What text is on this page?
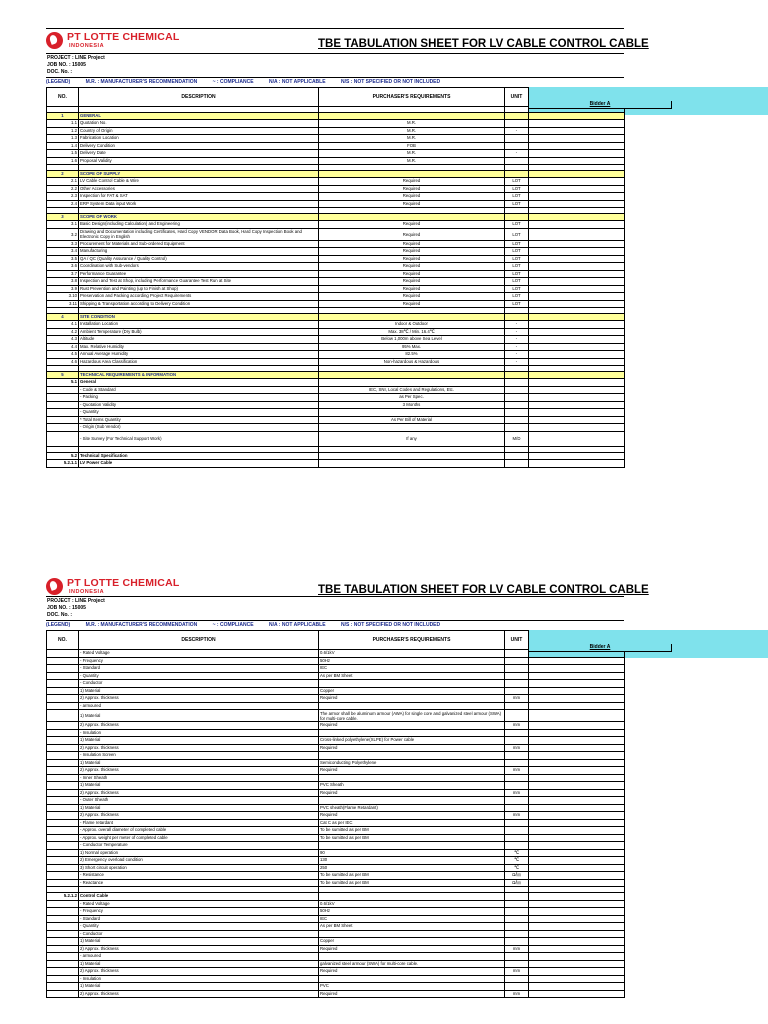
PT LOTTE CHEMICAL
INDONESIA	TBE TABULATION SHEET FOR LV CABLE CONTROL CABLE
PROJECT : LINE Project
JOB NO. : 15005
DOC. No. :
(LEGEND)	M.R. : MANUFACTURER'S RECOMMENDATION	~ : COMPLIANCE	N/A : NOT APPLICABLE	N/S : NOT SPECIFIED OR NOT INCLUDED
NO.	DESCRIPTION	PURCHASER'S REQUIREMENTS	UNIT	

1	GENERAL			
1.1	Quotation No.	M.R.		
1.2	Country of Origin	M.R.	-	
1.3	Fabrication Location	M.R.		
1.4	Delivery Condition	FOB		
1.5	Delivery Date	M.R.	-	
1.6	Proposal Validity	M.R.		

2	SCOPE OF SUPPLY			
2.1	LV Cable Control Cable & Wire	Required	LOT	
2.2	Other Accessories	Required	LOT	
2.3	Inspection for FAT & SAT	Required	LOT	
2.4	ERP System Data input Work	Required	LOT	

3	SCOPE OF WORK			
3.1	Basic Design(including Calculation) and Engineering	Required	LOT	
3.2	Drawing and Documentation including Certificates, Hard Copy VENDOR Data Book, Hard Copy Inspection Book and Electronic Copy in English	Required	LOT	
3.3	Procurement for Materials and Sub-ordered Equipment	Required	LOT	
3.4	Manufacturing	Required	LOT	
3.5	QA / QC (Quality Assurance / Quality Control)	Required	LOT	
3.6	Coordination with Sub-vendors	Required	LOT	
3.7	Performance Guarantee	Required	LOT	
3.8	Inspection and Test at Shop, including Performance Guarantee Test Run at Site	Required	LOT	
3.9	Rust Prevention and Painting (up to Finish at Shop)	Required	LOT	
3.10	Preservation and Packing according Project Requirements	Required	LOT	
3.11	Shipping & Transportation according to Delivery Condition	Required	LOT	

4	SITE CONDITION			
4.1	Installation Location	Indoor & Outdoor	-	
4.2	Ambient Temperature (Dry Bulb)	Max. 38℃ / Min. 16.4℃	-	
4.3	Altitude	Below 1,000m above Sea Level	-	
4.4	Max. Relative Humidity	95% Max.	-	
4.5	Annual Average Humidity	82.5%	-	
4.6	Hazardous Area Classification	Non-hazardous & Hazardous	-	

5	TECHNICAL REQUIREMENTS & INFORMATION			
5.1	General			
	- Code & Standard	IEC, SNI, Local Codes and Regulations, Etc.		
	- Packing	as Per Spec.		
	- Quotation Validity	3 Months		
	- Quantity			
	* Total Items Quantity	As Per Bill of Material		
	- Origin (Sub Vendor)			
	- Site Survey (For Technical Support Work)	If any	M/D	

5.2	Technical Specification			
5.2.1.1	LV Power Cable			
Bidder A
PT LOTTE CHEMICAL
INDONESIA	TBE TABULATION SHEET FOR LV CABLE CONTROL CABLE
PROJECT : LINE Project
JOB NO. : 15005
DOC. No. :
(LEGEND)	M.R. : MANUFACTURER'S RECOMMENDATION	~ : COMPLIANCE	N/A : NOT APPLICABLE	N/S : NOT SPECIFIED OR NOT INCLUDED
NO.	DESCRIPTION	PURCHASER'S REQUIREMENTS	UNIT	
	- Rated Voltage	0.6/1kV		
	- Frequency	50Hz		
	- Standard	IEC		
	- Quantity	As per BM Sheet		
	- Conductor			
	1) Material	Copper		
	2) Approx. thickness	Required	mm	
	- armoured			
	1) Material	The armor shall be aluminum armour (AWA) for single core and galvanized steel armour (SWA) for multi-core cable.		
	2) Approx. thickness	Required	mm	
	- Insulation			
	1) Material	Cross-linked polyethylene(XLPE) for Power cable		
	2) Approx. thickness	Required	mm	
	- Insulation Screen			
	1) Material	Semiconducting Polyethylene		
	2) Approx. thickness	Required	mm	
	- Inner Sheath			
	1) Material	PVC Sheath		
	2) Approx. thickness	Required	mm	
	- Outer Sheath			
	1) Material	PVC sheath(Flame Retardant)		
	2) Approx. thickness	Required	mm	
	- Flame retardant	Cat C as per IEC		
	- Approx. overall diameter of completed cable	To be sumitted as per BM		
	- Approx. weight per meter of completed cable	To be sumitted as per BM		
	- Conductor Temperature			
	1) Normal operation	90	℃	
	2) Emergency overload condition	130	℃	
	3) Short circuit operation	250	℃	
	- Resistance	To be sumitted as per BM	Ω/㎞	
	- Reactance	To be sumitted as per BM	Ω/㎞	

5.2.1.2	Control Cable			
	- Rated Voltage	0.6/1kV		
	- Frequency	50Hz		
	- Standard	IEC		
	- Quantity	As per BM Sheet		
	- Conductor			
	1) Material	Copper		
	2) Approx. thickness	Required	mm	
	- armoured			
	1) Material	galvanized steel armour (SWA) for multi-core cable.		
	2) Approx. thickness	Required	mm	
	- Insulation			
	1) Material	PVC		
	2) Approx. thickness	Required	mm	
Bidder A
